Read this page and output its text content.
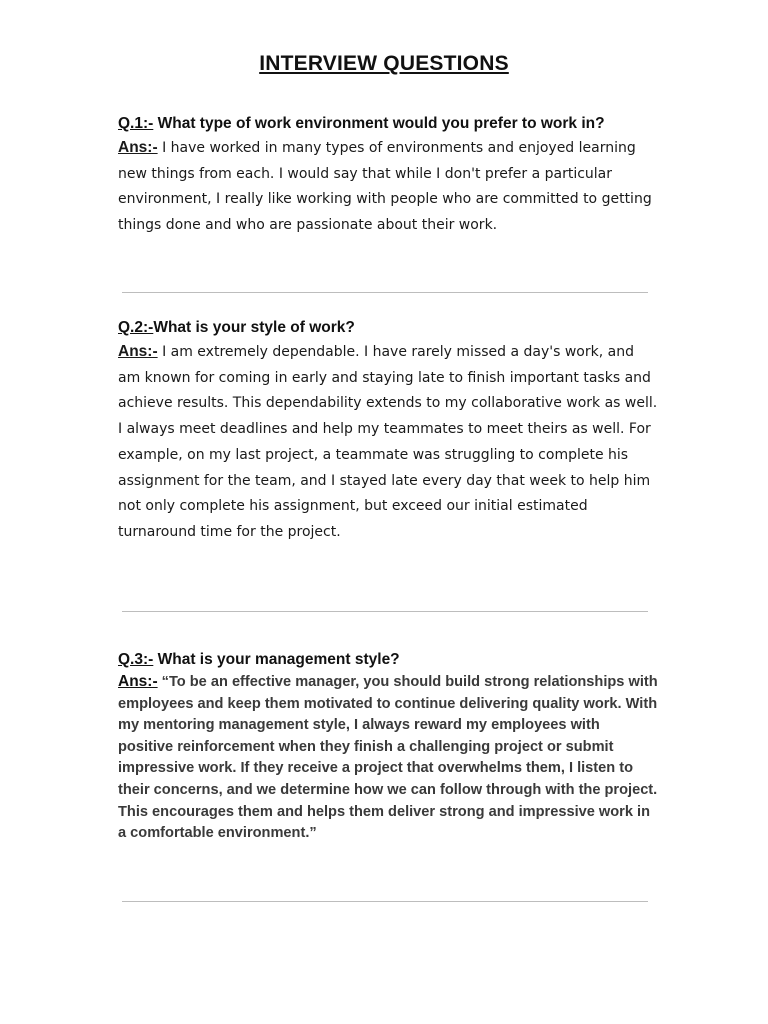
INTERVIEW QUESTIONS
Q.1:- What type of work environment would you prefer to work in?
Ans:- I have worked in many types of environments and enjoyed learning new things from each. I would say that while I don't prefer a particular environment, I really like working with people who are committed to getting things done and who are passionate about their work.
Q.2:-What is your style of work?
Ans:- I am extremely dependable. I have rarely missed a day's work, and am known for coming in early and staying late to finish important tasks and achieve results. This dependability extends to my collaborative work as well. I always meet deadlines and help my teammates to meet theirs as well. For example, on my last project, a teammate was struggling to complete his assignment for the team, and I stayed late every day that week to help him not only complete his assignment, but exceed our initial estimated turnaround time for the project.
Q.3:- What is your management style?
Ans:- “To be an effective manager, you should build strong relationships with employees and keep them motivated to continue delivering quality work. With my mentoring management style, I always reward my employees with positive reinforcement when they finish a challenging project or submit impressive work. If they receive a project that overwhelms them, I listen to their concerns, and we determine how we can follow through with the project. This encourages them and helps them deliver strong and impressive work in a comfortable environment.”
